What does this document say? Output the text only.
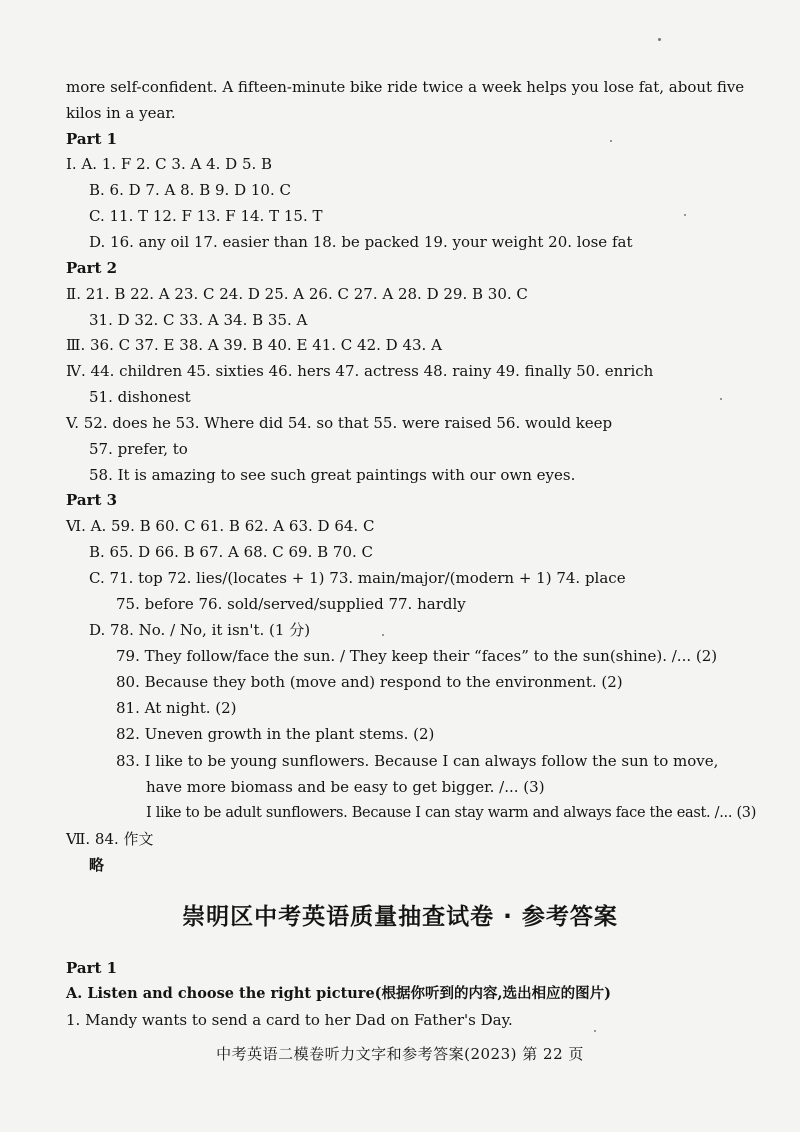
more self-confident. A fifteen-minute bike ride twice a week helps you lose fat, about five
kilos in a year.
Part 1
I. A. 1. F 2. C 3. A 4. D 5. B
B. 6. D 7. A 8. B 9. D 10. C
C. 11. T 12. F 13. F 14. T 15. T
D. 16. any oil 17. easier than 18. be packed 19. your weight 20. lose fat
Part 2
Ⅱ. 21. B 22. A 23. C 24. D 25. A 26. C 27. A 28. D 29. B 30. C
31. D 32. C 33. A 34. B 35. A
Ⅲ. 36. C 37. E 38. A 39. B 40. E 41. C 42. D 43. A
Ⅳ. 44. children 45. sixties 46. hers 47. actress 48. rainy 49. finally 50. enrich
51. dishonest
V. 52. does he 53. Where did 54. so that 55. were raised 56. would keep
57. prefer, to
58. It is amazing to see such great paintings with our own eyes.
Part 3
Ⅵ. A. 59. B 60. C 61. B 62. A 63. D 64. C
B. 65. D 66. B 67. A 68. C 69. B 70. C
C. 71. top 72. lies/(locates + 1) 73. main/major/(modern + 1) 74. place
75. before 76. sold/served/supplied 77. hardly
D. 78. No. / No, it isn't. (1 分)
79. They follow/face the sun. / They keep their “faces” to the sun(shine). /... (2)
80. Because they both (move and) respond to the environment. (2)
81. At night. (2)
82. Uneven growth in the plant stems. (2)
83. I like to be young sunflowers. Because I can always follow the sun to move,
have more biomass and be easy to get bigger. /... (3)
I like to be adult sunflowers. Because I can stay warm and always face the east. /... (3)
Ⅶ. 84. 作文
略
崇明区中考英语质量抽查试卷 · 参考答案
Part 1
A. Listen and choose the right picture(根据你听到的内容,选出相应的图片)
1. Mandy wants to send a card to her Dad on Father's Day.
中考英语二模卷听力文字和参考答案(2023) 第 22 页
